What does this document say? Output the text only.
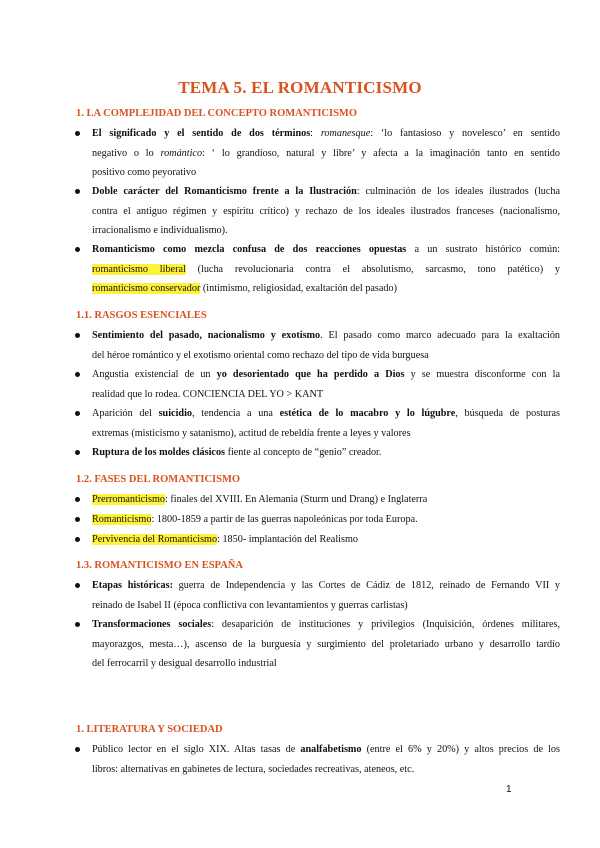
TEMA 5. EL ROMANTICISMO
1. LA COMPLEJIDAD DEL CONCEPTO ROMANTICISMO
El significado y el sentido de dos términos: romanesque: ‘lo fantasioso y novelesco’ en sentido
negativo o lo romántico: ‘ lo grandioso, natural y libre’ y afecta a la imaginación tanto en sentido
positivo como peyorativo
Doble carácter del Romanticismo frente a la Ilustración: culminación de los ideales ilustrados (lucha
contra el antiguo régimen y espíritu crítico) y rechazo de los ideales ilustrados franceses (nacionalismo,
irracionalismo e individualismo).
Romanticismo como mezcla confusa de dos reacciones opuestas a un sustrato histórico común:
romanticismo liberal (lucha revolucionaria contra el absolutismo, sarcasmo, tono patético) y
romanticismo conservador (intimismo, religiosidad, exaltación del pasado)
1.1. RASGOS ESENCIALES
Sentimiento del pasado, nacionalismo y exotismo. El pasado como marco adecuado para la exaltación
del héroe romántico y el exotismo oriental como rechazo del tipo de vida burguesa
Angustia existencial de un yo desorientado que ha perdido a Dios y se muestra disconforme con la
realidad que lo rodea. CONCIENCIA DEL YO > KANT
Aparición del suicidio, tendencia a una estética de lo macabro y lo lúgubre, búsqueda de posturas
extremas (misticismo y satanismo), actitud de rebeldía frente a leyes y valores
Ruptura de los moldes clásicos fiente al concepto de “genio” creador.
1.2. FASES DEL ROMANTICISMO
Prerromanticismo: finales del XVIII. En Alemania (Sturm und Drang) e Inglaterra
Romanticismo: 1800-1859 a partir de las guerras napoleónicas por toda Europa.
Pervivencia del Romanticismo: 1850- implantación del Realismo
1.3. ROMANTICISMO EN ESPAÑA
Etapas históricas: guerra de Independencia y las Cortes de Cádiz de 1812, reinado de Fernando VII y
reinado de Isabel II (época conflictiva con levantamientos y guerras carlistas)
Transformaciones sociales: desaparición de instituciones y privilegios (Inquisición, órdenes militares,
mayorazgos, mesta…), ascenso de la burguesía y surgimiento del proletariado urbano y desarrollo tardío
del ferrocarril y desigual desarrollo industrial
1. LITERATURA Y SOCIEDAD
Público lector en el siglo XIX. Altas tasas de analfabetismo (entre el 6% y 20%) y altos precios de los
libros: alternativas en gabinetes de lectura, sociedades recreativas, ateneos, etc.
1
